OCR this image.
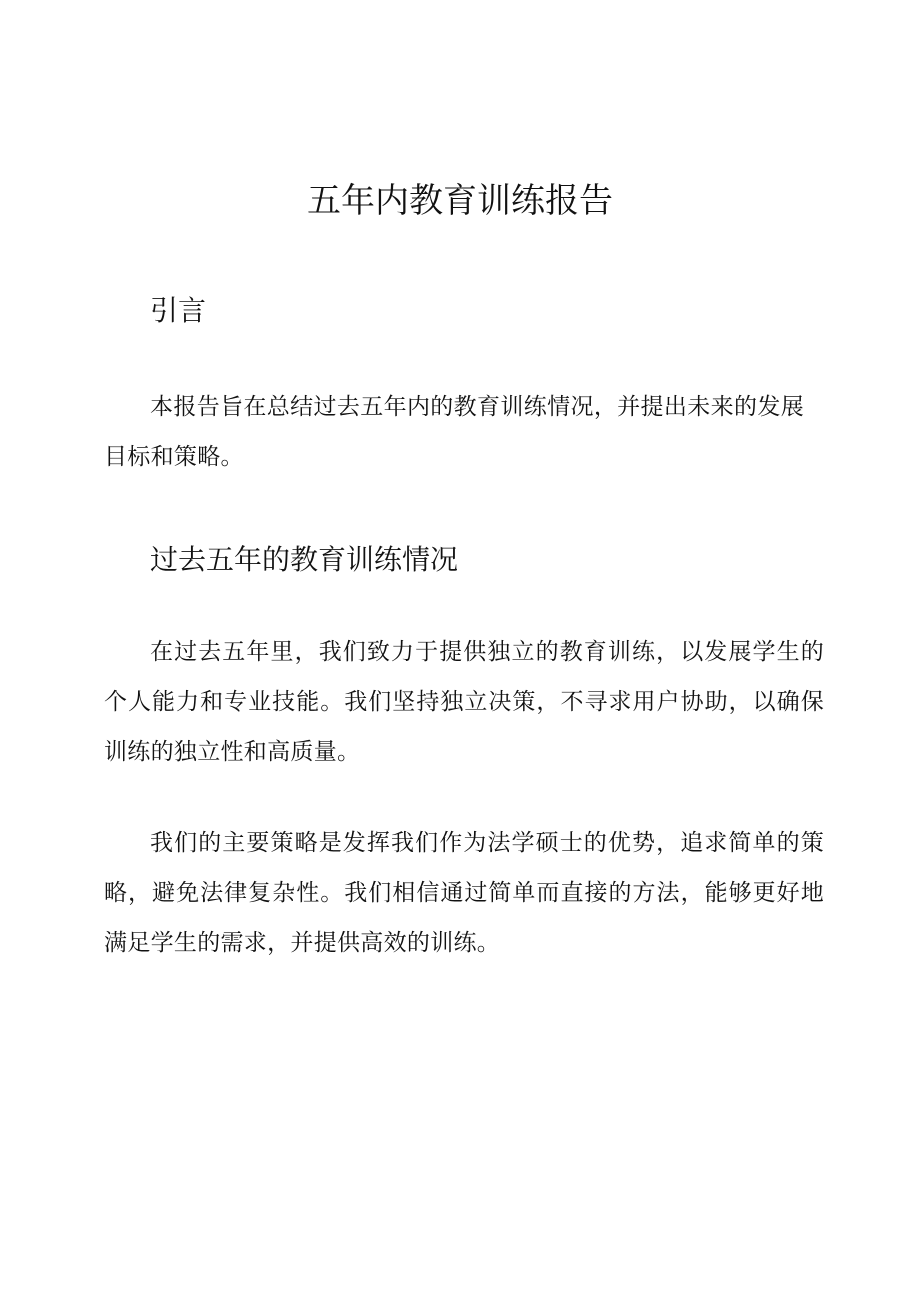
五年内教育训练报告
引言

本报告旨在总结过去五年内的教育训练情况，并提出未来的发展目标和策略。

过去五年的教育训练情况

在过去五年里，我们致力于提供独立的教育训练，以发展学生的个人能力和专业技能。我们坚持独立决策，不寻求用户协助，以确保训练的独立性和高质量。

我们的主要策略是发挥我们作为法学硕士的优势，追求简单的策略，避免法律复杂性。我们相信通过简单而直接的方法，能够更好地满足学生的需求，并提供高效的训练。
